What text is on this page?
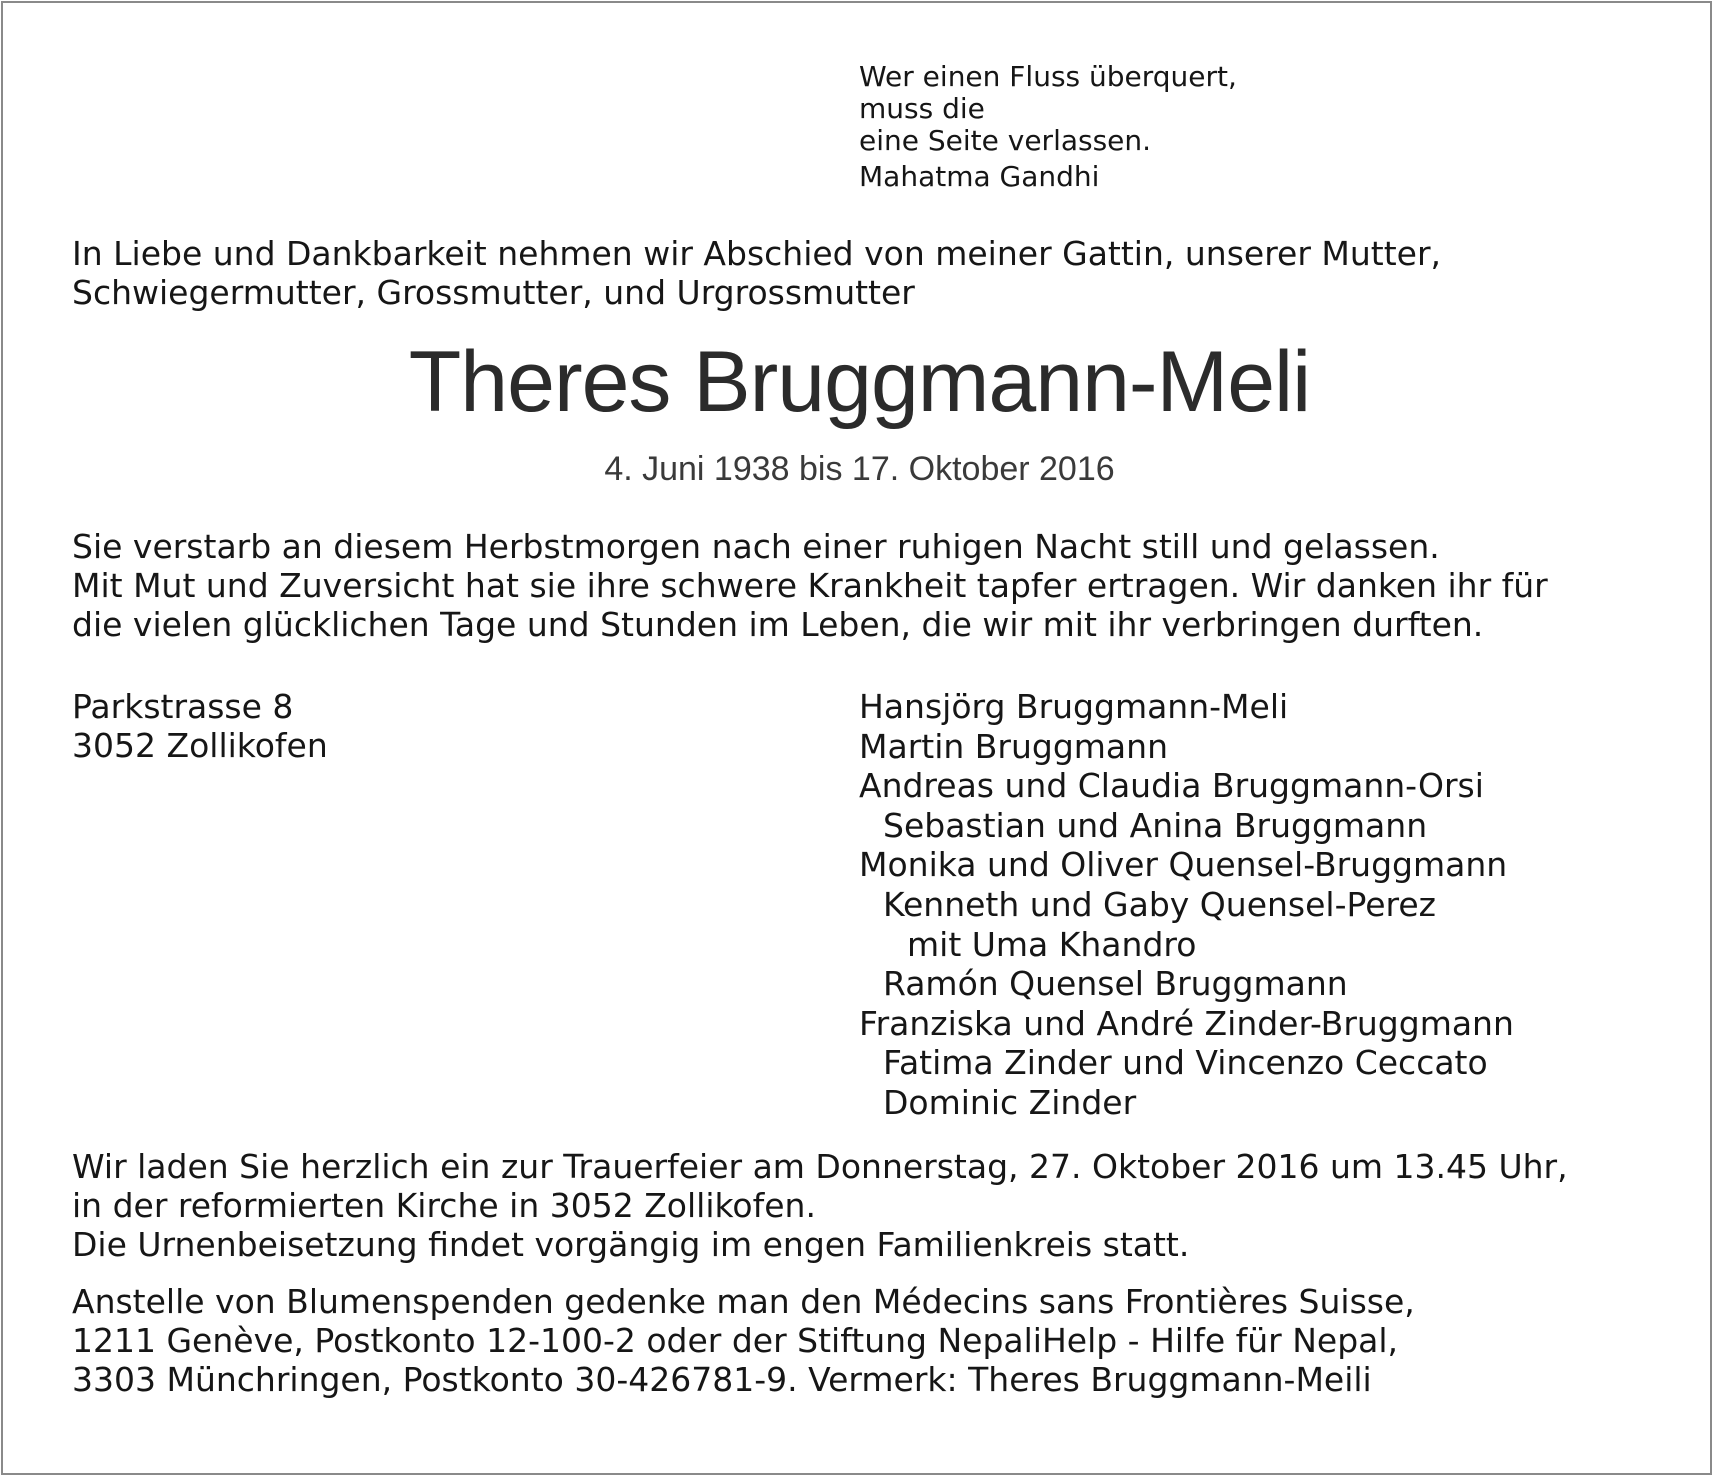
Wer einen Fluss überquert,
muss die
eine Seite verlassen.
Mahatma Gandhi
In Liebe und Dankbarkeit nehmen wir Abschied von meiner Gattin, unserer Mutter,
Schwiegermutter, Grossmutter, und Urgrossmutter
Theres Bruggmann-Meli
4. Juni 1938 bis 17. Oktober 2016
Sie verstarb an diesem Herbstmorgen nach einer ruhigen Nacht still und gelassen.
Mit Mut und Zuversicht hat sie ihre schwere Krankheit tapfer ertragen. Wir danken ihr für
die vielen glücklichen Tage und Stunden im Leben, die wir mit ihr verbringen durften.
Parkstrasse 8
3052 Zollikofen
Hansjörg Bruggmann-Meli
Martin Bruggmann
Andreas und Claudia Bruggmann-Orsi
Sebastian und Anina Bruggmann
Monika und Oliver Quensel-Bruggmann
Kenneth und Gaby Quensel-Perez
mit Uma Khandro
Ramón Quensel Bruggmann
Franziska und André Zinder-Bruggmann
Fatima Zinder und Vincenzo Ceccato
Dominic Zinder
Wir laden Sie herzlich ein zur Trauerfeier am Donnerstag, 27. Oktober 2016 um 13.45 Uhr,
in der reformierten Kirche in 3052 Zollikofen.
Die Urnenbeisetzung findet vorgängig im engen Familienkreis statt.
Anstelle von Blumenspenden gedenke man den Médecins sans Frontières Suisse,
1211 Genève, Postkonto 12-100-2 oder der Stiftung NepaliHelp - Hilfe für Nepal,
3303 Münchringen, Postkonto 30-426781-9. Vermerk: Theres Bruggmann-Meili
